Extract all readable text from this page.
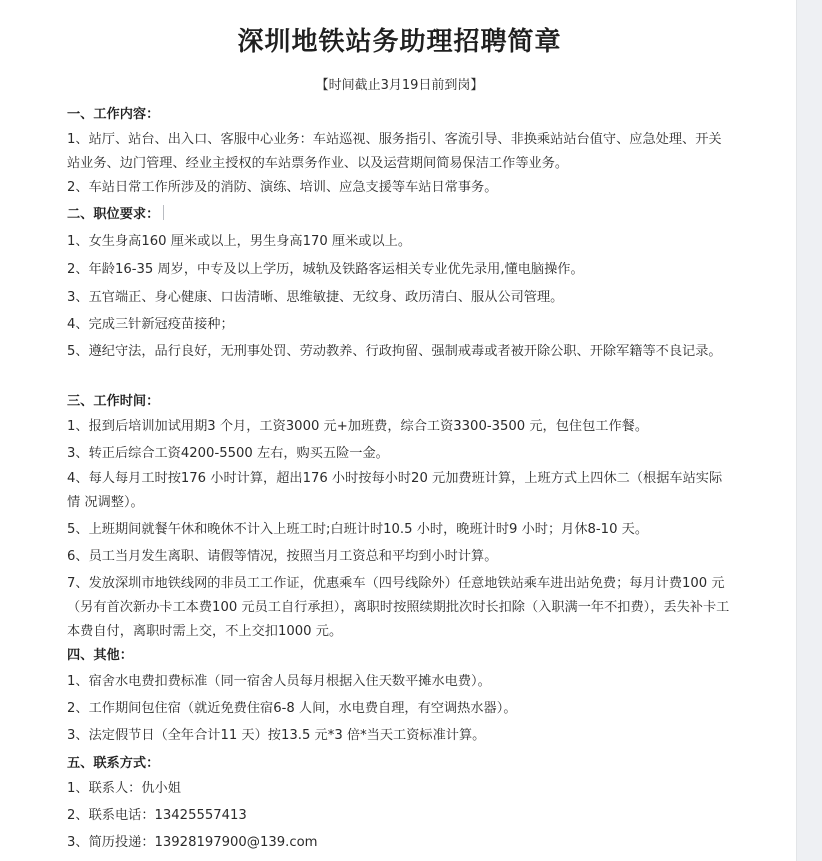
深圳地铁站务助理招聘简章
【时间截止3月19日前到岗】
一、工作内容：
1、站厅、站台、出入口、客服中心业务：车站巡视、服务指引、客流引导、非换乘站站台值守、应急处理、开关站业务、边门管理、经业主授权的车站票务作业、以及运营期间简易保洁工作等业务。
2、车站日常工作所涉及的消防、演练、培训、应急支援等车站日常事务。
二、职位要求：
1、女生身高160 厘米或以上，男生身高170 厘米或以上。
2、年龄16-35 周岁，中专及以上学历，城轨及铁路客运相关专业优先录用,懂电脑操作。
3、五官端正、身心健康、口齿清晰、思维敏捷、无纹身、政历清白、服从公司管理。
4、完成三针新冠疫苗接种；
5、遵纪守法，品行良好，无刑事处罚、劳动教养、行政拘留、强制戒毒或者被开除公职、开除军籍等不良记录。
三、工作时间：
1、报到后培训加试用期3 个月，工资3000 元+加班费，综合工资3300-3500 元，包住包工作餐。
3、转正后综合工资4200-5500 左右，购买五险一金。
4、每人每月工时按176 小时计算，超出176 小时按每小时20 元加费班计算，上班方式上四休二（根据车站实际情 况调整）。
5、上班期间就餐午休和晚休不计入上班工时;白班计时10.5 小时，晚班计时9 小时；月休8-10 天。
6、员工当月发生离职、请假等情况，按照当月工资总和平均到小时计算。
7、发放深圳市地铁线网的非员工工作证，优惠乘车（四号线除外）任意地铁站乘车进出站免费；每月计费100 元 （另有首次新办卡工本费100 元员工自行承担），离职时按照续期批次时长扣除（入职满一年不扣费），丢失补卡工 本费自付，离职时需上交，不上交扣1000 元。
四、其他：
1、宿舍水电费扣费标准（同一宿舍人员每月根据入住天数平摊水电费）。
2、工作期间包住宿（就近免费住宿6-8 人间，水电费自理，有空调热水器）。
3、法定假节日（全年合计11 天）按13.5 元*3 倍*当天工资标准计算。
五、联系方式：
1、联系人：仇小姐
2、联系电话：13425557413
3、简历投递：13928197900@139.com
